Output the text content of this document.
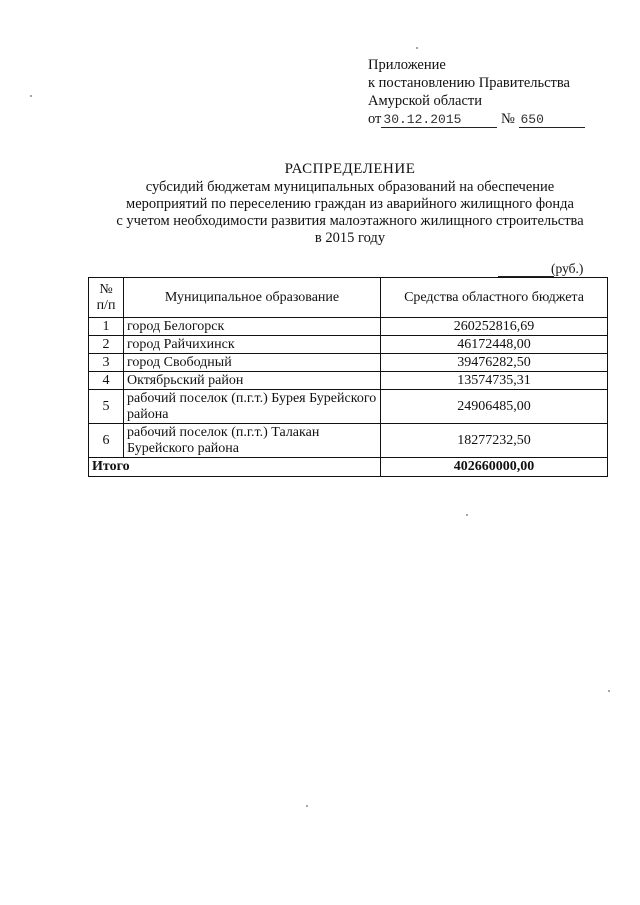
Приложение
к постановлению Правительства
Амурской области
от 30.12.2015	№ 650
РАСПРЕДЕЛЕНИЕ
субсидий бюджетам муниципальных образований на обеспечение
мероприятий по переселению граждан из аварийного жилищного фонда
с учетом необходимости развития малоэтажного жилищного строительства
в 2015 году
(руб.)
№ п/п	Муниципальное образование	Средства областного бюджета
1	город Белогорск	260252816,69
2	город Райчихинск	46172448,00
3	город Свободный	39476282,50
4	Октябрьский район	13574735,31
5	рабочий поселок (п.г.т.) Бурея Бурейского района	24906485,00
6	рабочий поселок (п.г.т.) Талакан Бурейского района	18277232,50
Итого		402660000,00
